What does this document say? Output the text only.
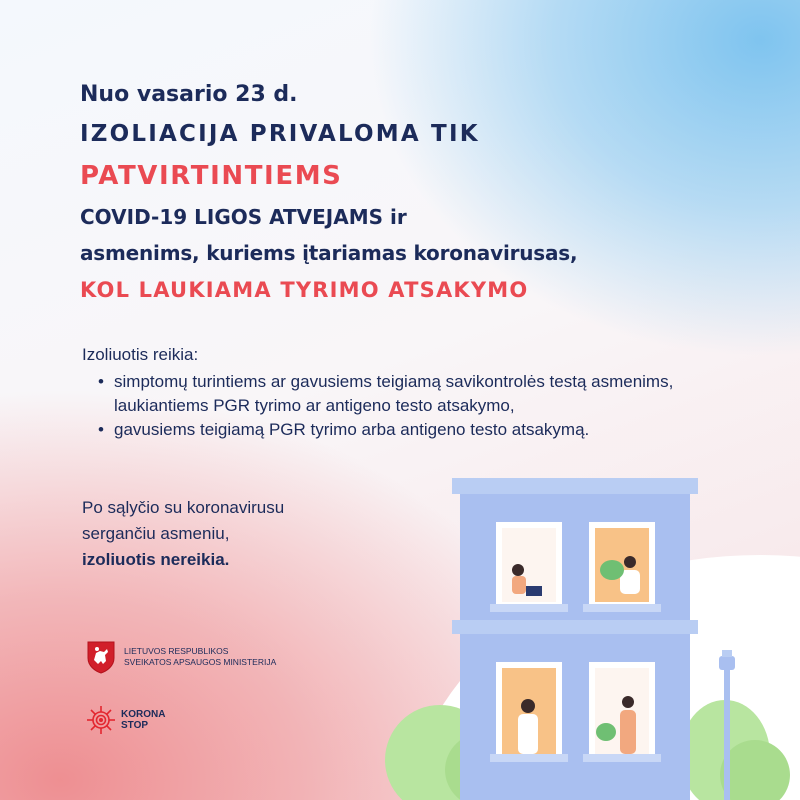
Nuo vasario 23 d.
IZOLIACIJA PRIVALOMA TIK
PATVIRTINTIEMS
COVID-19 LIGOS ATVEJAMS ir
asmenims, kuriems įtariamas koronavirusas,
KOL LAUKIAMA TYRIMO ATSAKYMO
Izoliuotis reikia:
• simptomų turintiems ar gavusiems teigiamą savikontrolės testą asmenims, laukiantiems PGR tyrimo ar antigeno testo atsakymo,
• gavusiems teigiamą PGR tyrimo arba antigeno testo atsakymą.
Po sąlyčio su koronavirusu
sergančiu asmeniu,
izoliuotis nereikia.
LIETUVOS RESPUBLIKOS
SVEIKATOS APSAUGOS MINISTERIJA
KORONA
STOP
